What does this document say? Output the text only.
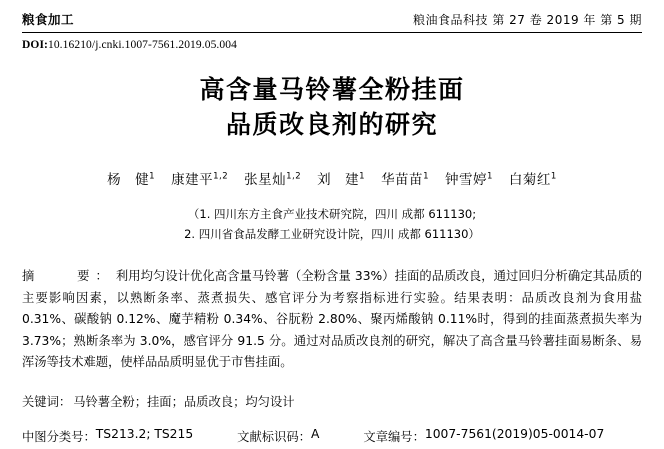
粮食加工	粮油食品科技 第 27 卷 2019 年 第 5 期
DOI:10.16210/j.cnki.1007-7561.2019.05.004
高含量马铃薯全粉挂面
品质改良剂的研究
杨　健$^1$ 康建平$^{1,2}$ 张星灿$^{1,2}$ 刘　建$^1$ 华苗苗$^1$ 钟雪婷$^1$ 白菊红$^1$
（1. 四川东方主食产业技术研究院，四川 成都 611130;
2. 四川省食品发酵工业研究设计院，四川 成都 611130）
摘　　要： 利用均匀设计优化高含量马铃薯（全粉含量 33%）挂面的品质改良，通过回归分析确定其品质的主要影响因素，以熟断条率、蒸煮损失、感官评分为考察指标进行实验。结果表明：品质改良剂为食用盐 0.31%、碳酸钠 0.12%、魔芋精粉 0.34%、谷朊粉 2.80%、聚丙烯酸钠 0.11%时，得到的挂面蒸煮损失率为 3.73%；熟断条率为 3.0%，感官评分 91.5 分。通过对品质改良剂的研究，解决了高含量马铃薯挂面易断条、易浑汤等技术难题，使样品品质明显优于市售挂面。
关键词： 马铃薯全粉；挂面；品质改良；均匀设计
中图分类号： TS213.2; TS215	文献标识码： A	文章编号： 1007-7561(2019)05-0014-07
